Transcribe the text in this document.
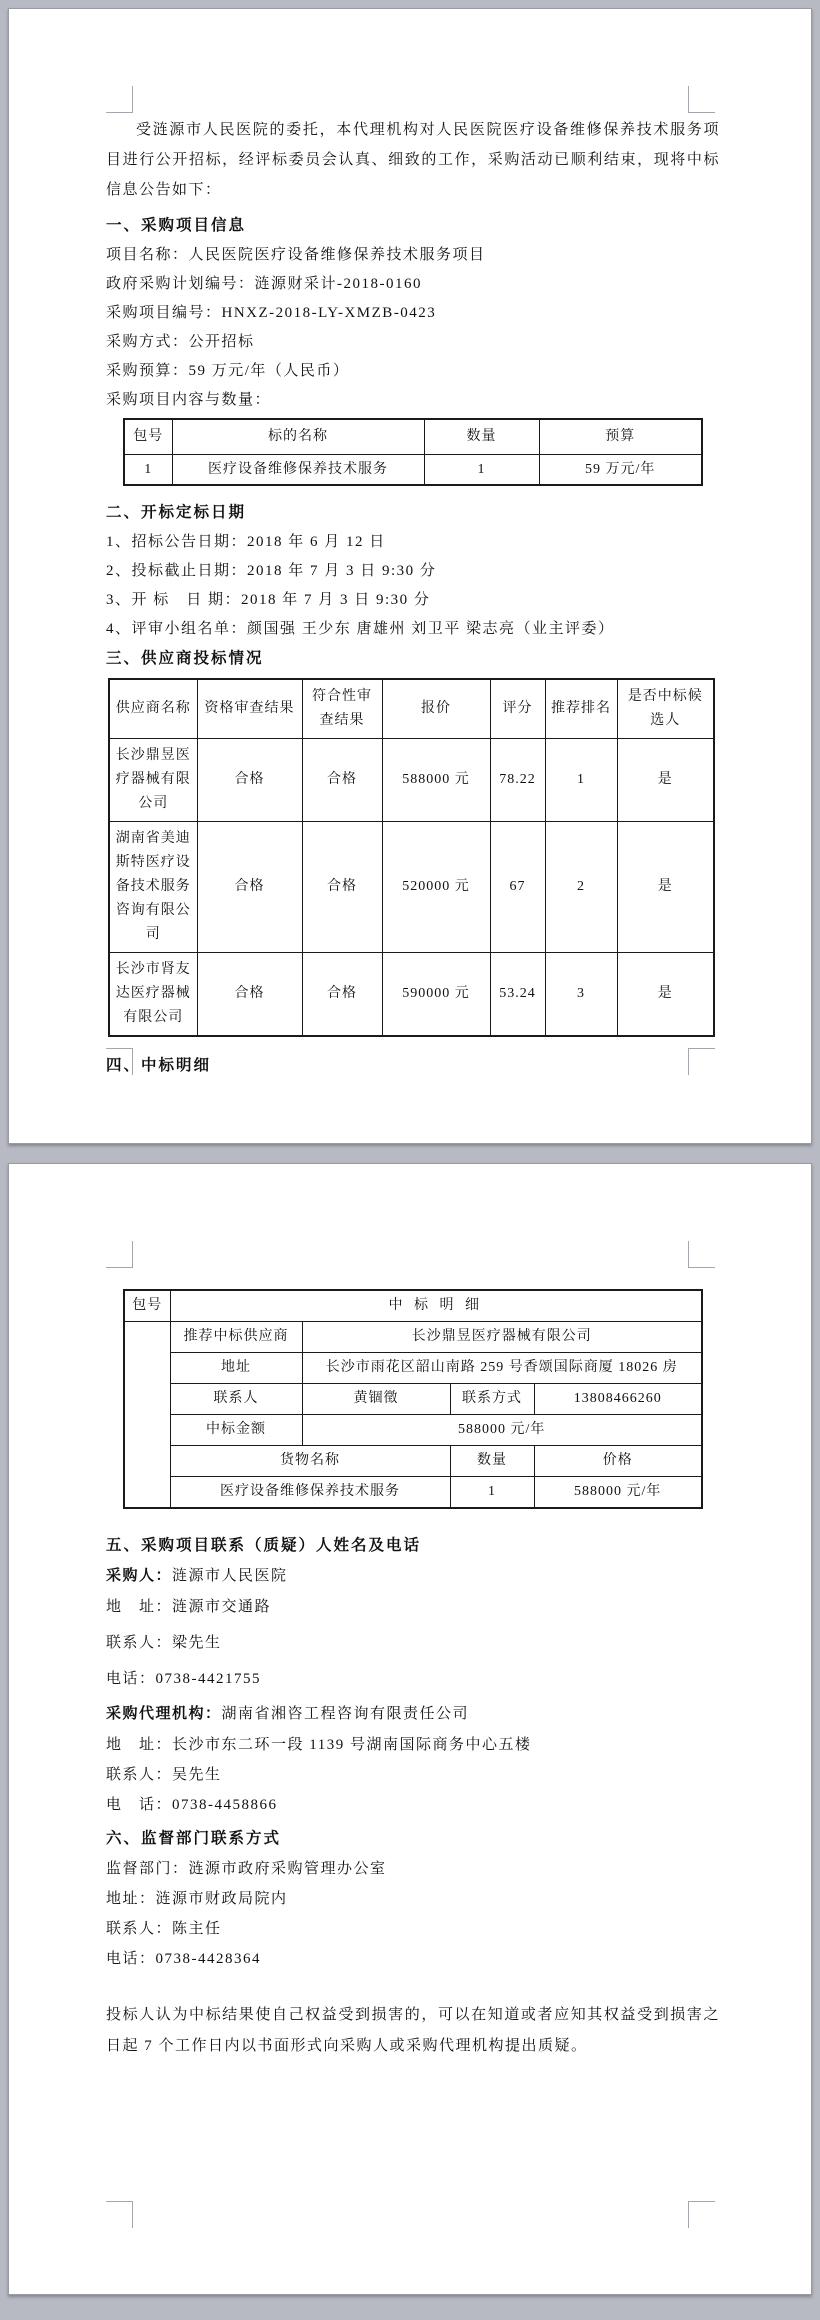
受涟源市人民医院的委托，本代理机构对人民医院医疗设备维修保养技术服务项目进行公开招标，经评标委员会认真、细致的工作，采购活动已顺利结束，现将中标信息公告如下：

一、采购项目信息

项目名称：人民医院医疗设备维修保养技术服务项目

政府采购计划编号：涟源财采计-2018-0160

采购项目编号：HNXZ-2018-LY-XMZB-0423

采购方式：公开招标

采购预算：59 万元/年（人民币）

采购项目内容与数量：

包号	标的名称	数量	预算
1	医疗设备维修保养技术服务	1	59 万元/年

二、开标定标日期

1、招标公告日期：2018 年 6 月 12 日

2、投标截止日期：2018 年 7 月 3 日 9:30 分

3、开 标　日 期：2018 年 7 月 3 日 9:30 分

4、评审小组名单：颜国强 王少东 唐雄州 刘卫平 梁志亮（业主评委）

三、供应商投标情况

供应商名称	资格审查结果	符合性审查结果	报价	评分	推荐排名	是否中标候选人
长沙鼎昱医疗器械有限公司	合格	合格	588000 元	78.22	1	是
湖南省美迪斯特医疗设备技术服务咨询有限公司	合格	合格	520000 元	67	2	是
长沙市肾友达医疗器械有限公司	合格	合格	590000 元	53.24	3	是

四、中标明细

包号	中 标 明 细			
	推荐中标供应商	长沙鼎昱医疗器械有限公司		
	地址	长沙市雨花区韶山南路 259 号香颂国际商厦 18026 房		
	联系人	黄锢徵	联系方式	13808466260
	中标金额	588000 元/年		
	货物名称		数量	价格
	医疗设备维修保养技术服务		1	588000 元/年

五、采购项目联系（质疑）人姓名及电话

采购人：涟源市人民医院

地　址：涟源市交通路

联系人：梁先生

电话：0738-4421755

采购代理机构：湖南省湘咨工程咨询有限责任公司

地　址：长沙市东二环一段 1139 号湖南国际商务中心五楼

联系人：吴先生

电　话：0738-4458866

六、监督部门联系方式

监督部门：涟源市政府采购管理办公室

地址：涟源市财政局院内

联系人：陈主任

电话：0738-4428364

投标人认为中标结果使自己权益受到损害的，可以在知道或者应知其权益受到损害之日起 7 个工作日内以书面形式向采购人或采购代理机构提出质疑。
